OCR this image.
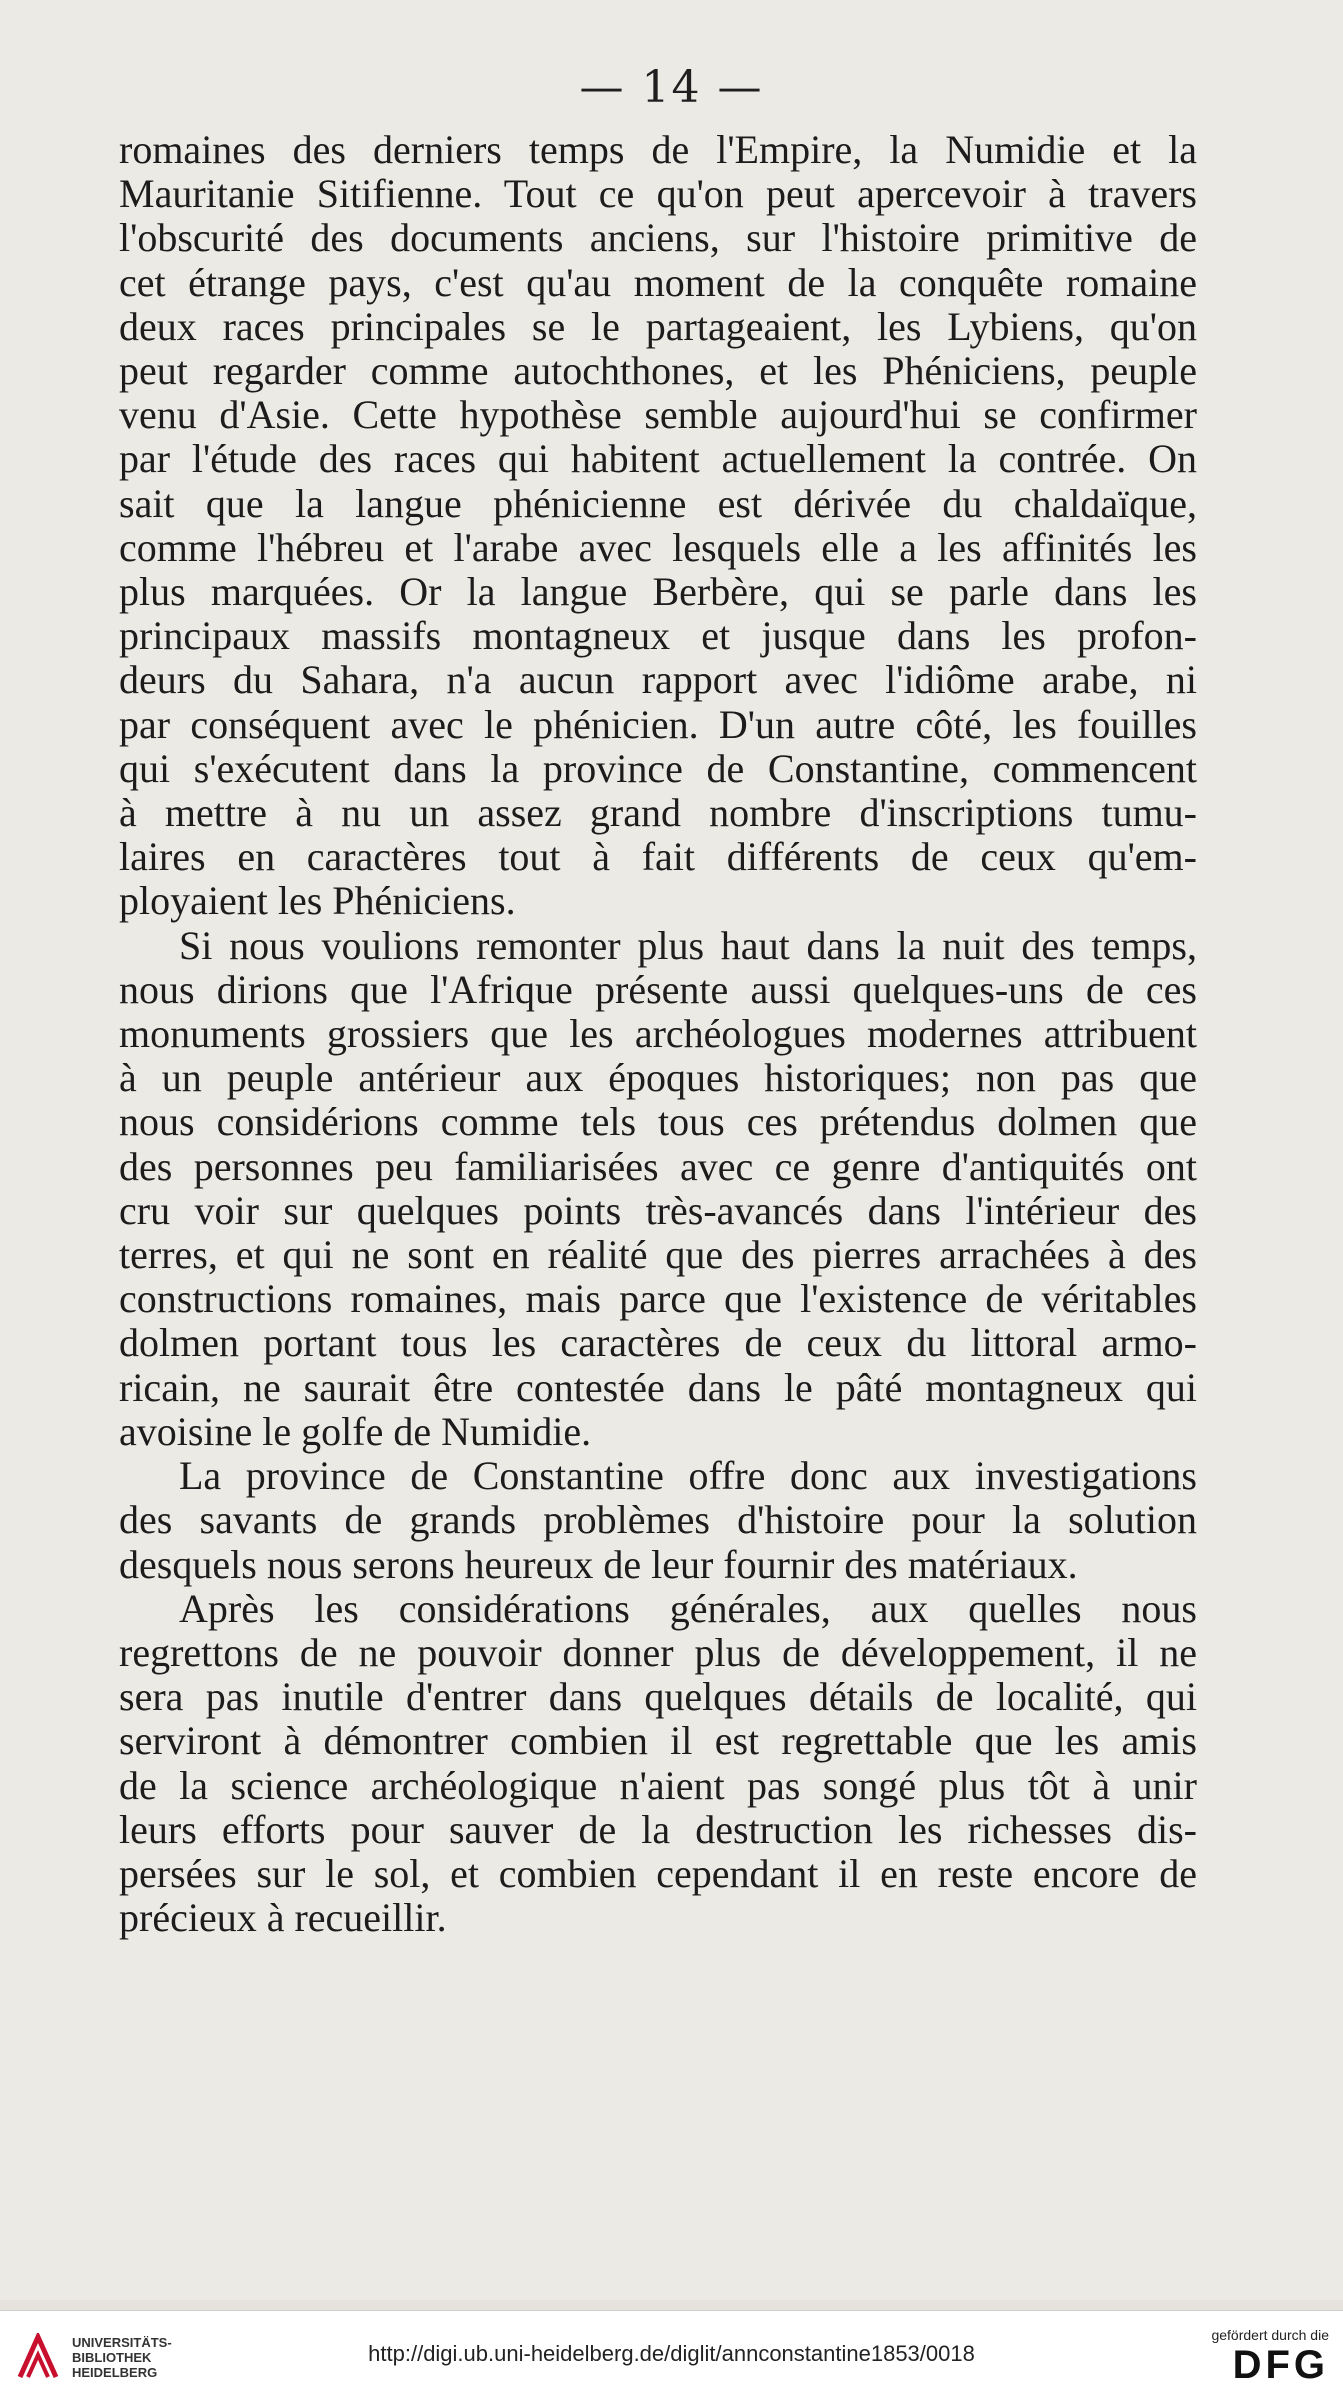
— 14 —
romaines des derniers temps de l'Empire, la Numidie et la
Mauritanie Sitifienne. Tout ce qu'on peut apercevoir à travers
l'obscurité des documents anciens, sur l'histoire primitive de
cet étrange pays, c'est qu'au moment de la conquête romaine
deux races principales se le partageaient, les Lybiens, qu'on
peut regarder comme autochthones, et les Phéniciens, peuple
venu d'Asie. Cette hypothèse semble aujourd'hui se confirmer
par l'étude des races qui habitent actuellement la contrée. On
sait que la langue phénicienne est dérivée du chaldaïque,
comme l'hébreu et l'arabe avec lesquels elle a les affinités les
plus marquées. Or la langue Berbère, qui se parle dans les
principaux massifs montagneux et jusque dans les profon-
deurs du Sahara, n'a aucun rapport avec l'idiôme arabe, ni
par conséquent avec le phénicien. D'un autre côté, les fouilles
qui s'exécutent dans la province de Constantine, commencent
à mettre à nu un assez grand nombre d'inscriptions tumu-
laires en caractères tout à fait différents de ceux qu'em-
ployaient les Phéniciens.
Si nous voulions remonter plus haut dans la nuit des temps,
nous dirions que l'Afrique présente aussi quelques-uns de ces
monuments grossiers que les archéologues modernes attribuent
à un peuple antérieur aux époques historiques; non pas que
nous considérions comme tels tous ces prétendus dolmen que
des personnes peu familiarisées avec ce genre d'antiquités ont
cru voir sur quelques points très-avancés dans l'intérieur des
terres, et qui ne sont en réalité que des pierres arrachées à des
constructions romaines, mais parce que l'existence de véritables
dolmen portant tous les caractères de ceux du littoral armo-
ricain, ne saurait être contestée dans le pâté montagneux qui
avoisine le golfe de Numidie.
La province de Constantine offre donc aux investigations
des savants de grands problèmes d'histoire pour la solution
desquels nous serons heureux de leur fournir des matériaux.
Après les considérations générales, aux quelles nous
regrettons de ne pouvoir donner plus de développement, il ne
sera pas inutile d'entrer dans quelques détails de localité, qui
serviront à démontrer combien il est regrettable que les amis
de la science archéologique n'aient pas songé plus tôt à unir
leurs efforts pour sauver de la destruction les richesses dis-
persées sur le sol, et combien cependant il en reste encore de
précieux à recueillir.
UNIVERSITÄTS-
BIBLIOTHEK
HEIDELBERG
http://digi.ub.uni-heidelberg.de/diglit/annconstantine1853/0018
gefördert durch die
DFG
